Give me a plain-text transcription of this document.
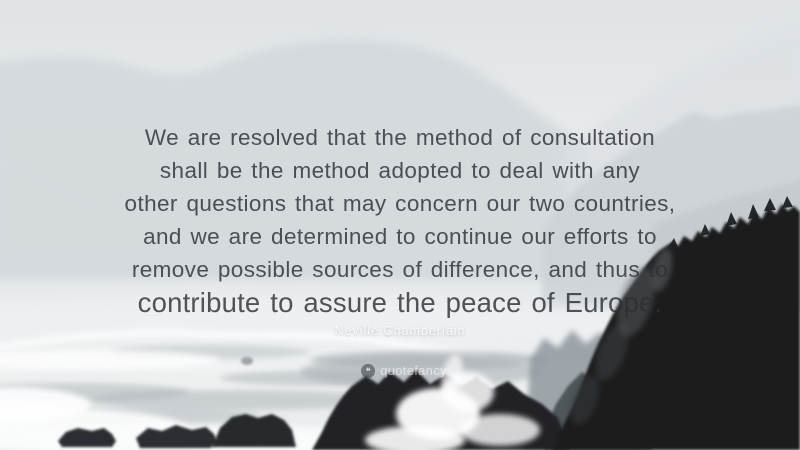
We are resolved that the method of consultation
shall be the method adopted to deal with any
other questions that may concern our two countries,
and we are determined to continue our efforts to
remove possible sources of difference, and thus to
contribute to assure the peace of Europe.
Neville Chamberlain
❝ quotefancy
